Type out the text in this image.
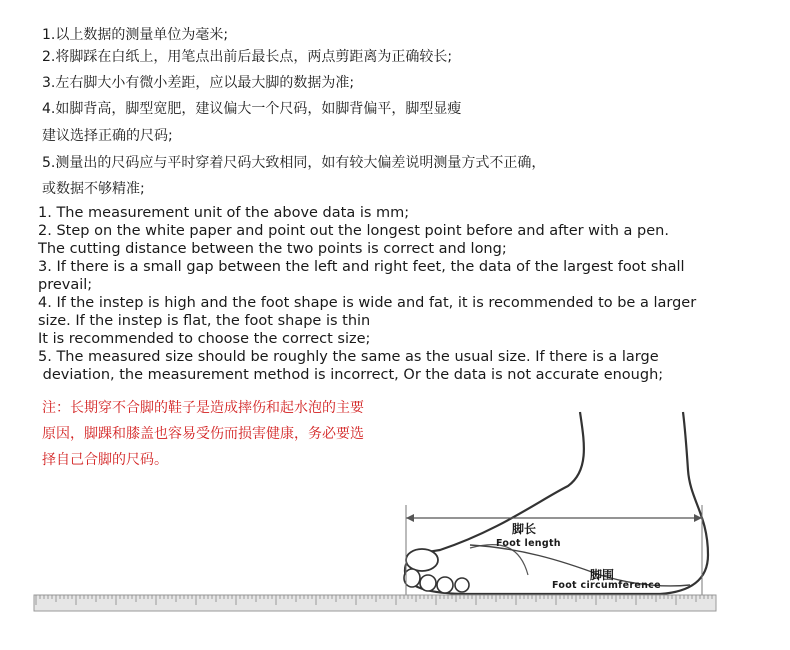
1.以上数据的测量单位为毫米;
2.将脚踩在白纸上，用笔点出前后最长点，两点剪距离为正确较长;
3.左右脚大小有微小差距，应以最大脚的数据为准;
4.如脚背高，脚型宽肥，建议偏大一个尺码，如脚背偏平，脚型显瘦
建议选择正确的尺码;
5.测量出的尺码应与平时穿着尺码大致相同，如有较大偏差说明测量方式不正确，
或数据不够精准;
1. The measurement unit of the above data is mm;
2. Step on the white paper and point out the longest point before and after with a pen.
The cutting distance between the two points is correct and long;
3. If there is a small gap between the left and right feet, the data of the largest foot shall
prevail;
4. If the instep is high and the foot shape is wide and fat, it is recommended to be a larger
size. If the instep is flat, the foot shape is thin
It is recommended to choose the correct size;
5. The measured size should be roughly the same as the usual size. If there is a large
deviation, the measurement method is incorrect, Or the data is not accurate enough;
注：长期穿不合脚的鞋子是造成摔伤和起水泡的主要
原因，脚踝和膝盖也容易受伤而损害健康，务必要选
择自己合脚的尺码。
脚长
Foot length
脚围
Foot circumference
